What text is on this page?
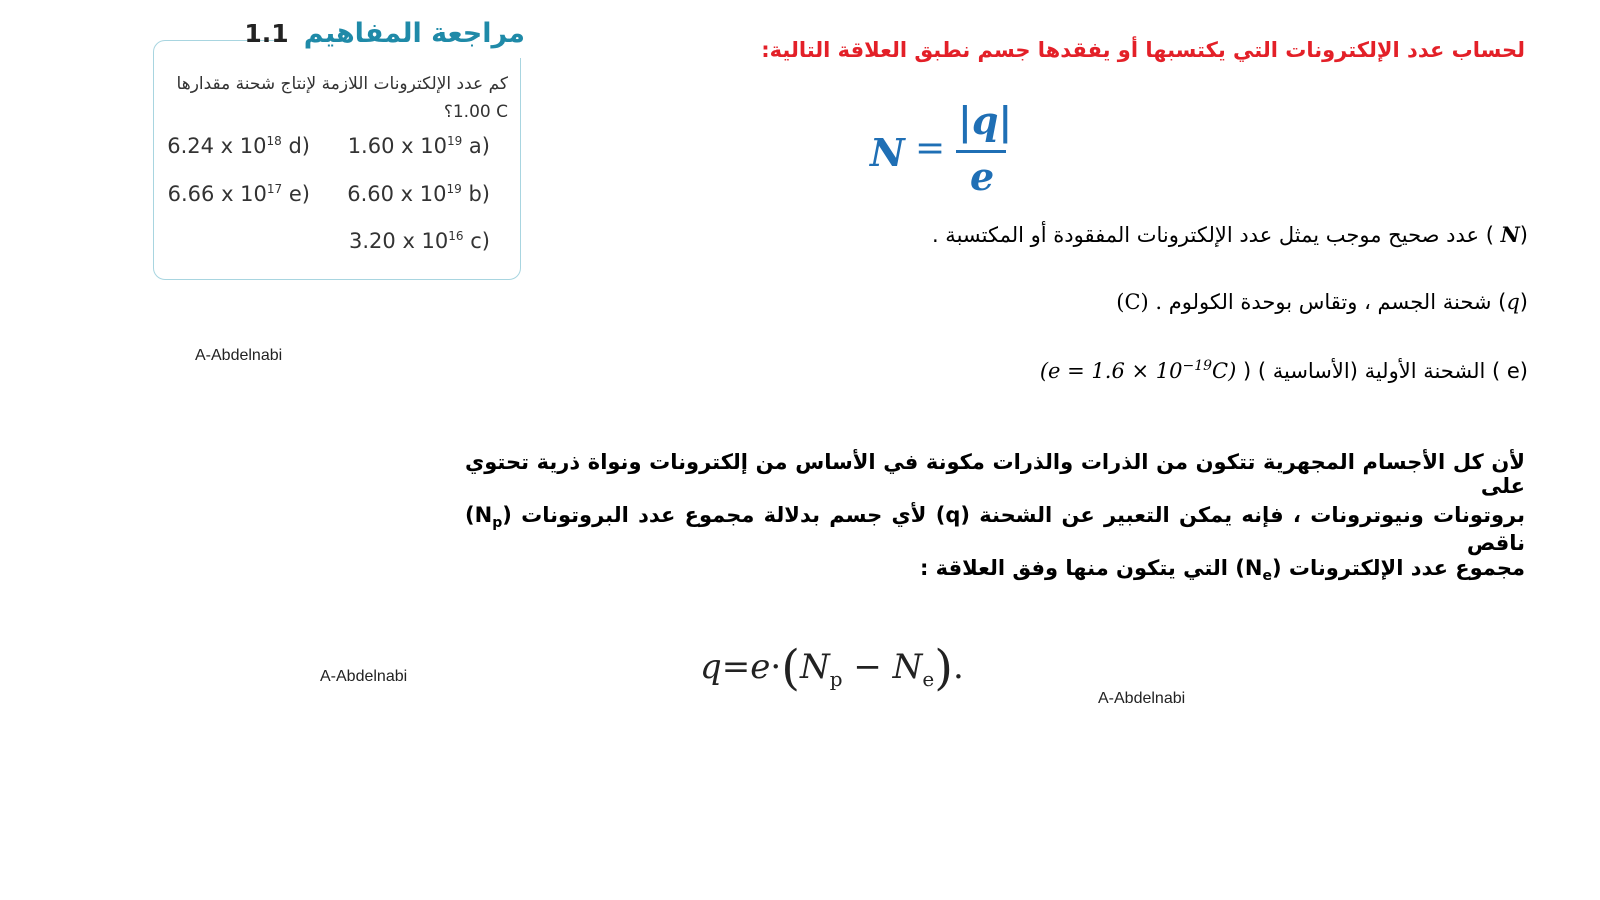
مراجعة المفاهيم 1.1
كم عدد الإلكترونات اللازمة لإنتاج شحنة مقدارها ‎1.00 C‎؟
(a 1.60 x $10^{19}$
(b 6.60 x $10^{19}$
(c 3.20 x $10^{16}$
(d 6.24 x $10^{18}$
(e 6.66 x $10^{17}$
A-Abdelnabi
A-Abdelnabi
A-Abdelnabi
لحساب عدد الإلكترونات التي يكتسبها أو يفقدها جسم نطبق العلاقة التالية:
N =
|q|
e
(N ) عدد صحيح موجب يمثل عدد الإلكترونات المفقودة أو المكتسبة .
(q) شحنة الجسم ، وتقاس بوحدة الكولوم (C) .
( e) الشحنة الأولية (الأساسية ) ( $(e = 1.6 \times 10^{-19}C)$
لأن كل الأجسام المجهرية تتكون من الذرات والذرات مكونة في الأساس من إلكترونات ونواة ذرية تحتوي على
بروتونات ونيوترونات ، فإنه يمكن التعبير عن الشحنة (q) لأي جسم بدلالة مجموع عدد البروتونات $(N_p)$ ناقص
مجموع عدد الإلكترونات $(N_e)$ التي يتكون منها وفق العلاقة :
$q=e\cdot(N_p - N_e)$.
